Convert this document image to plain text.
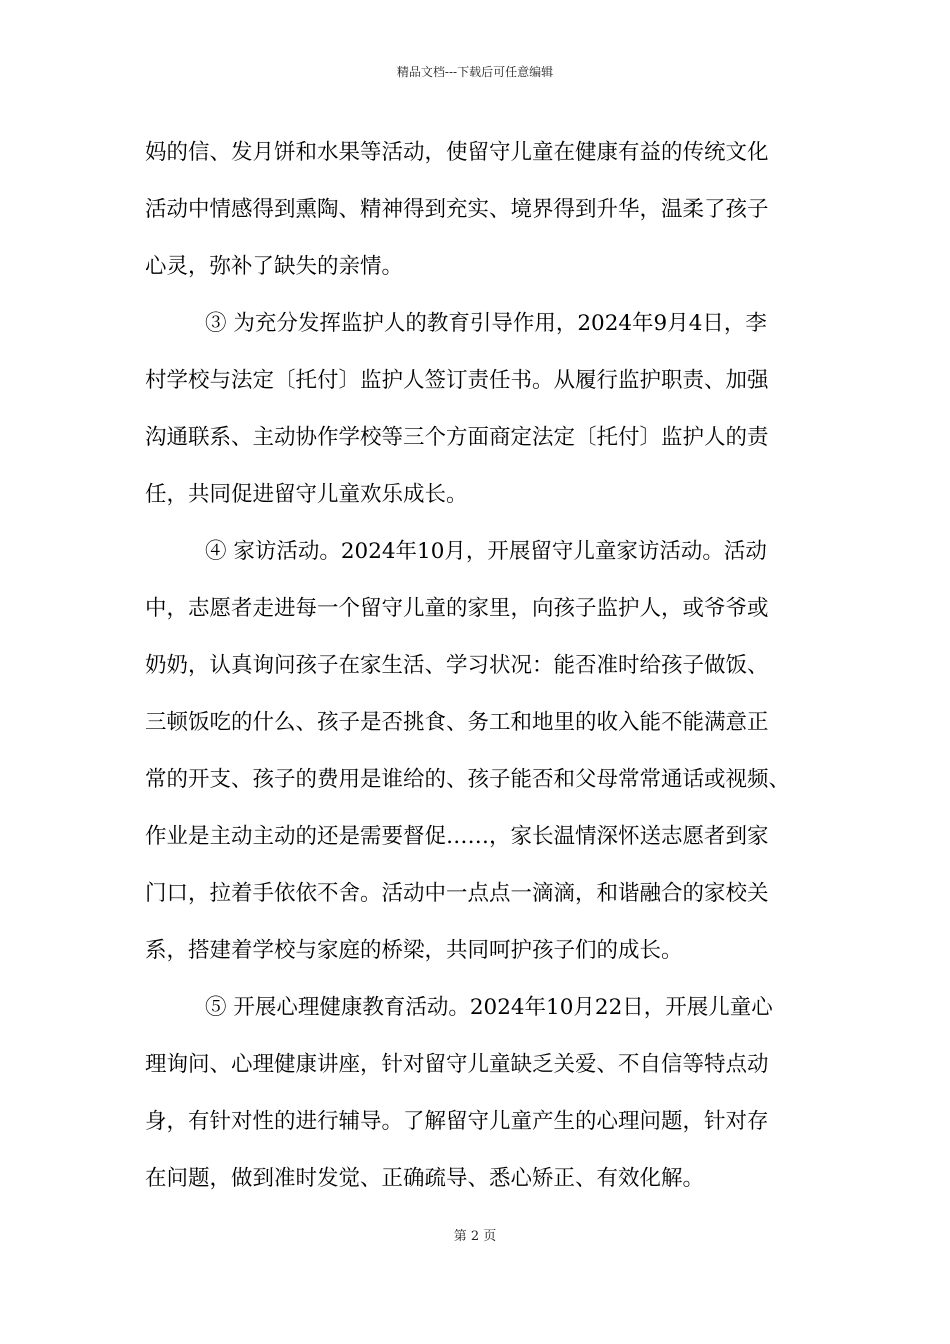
精品文档---下载后可任意编辑
妈的信、发月饼和水果等活动，使留守儿童在健康有益的传统文化
活动中情感得到熏陶、精神得到充实、境界得到升华，温柔了孩子
心灵，弥补了缺失的亲情。
③ 为充分发挥监护人的教育引导作用，2024年9月4日，李
村学校与法定〔托付〕监护人签订责任书。从履行监护职责、加强
沟通联系、主动协作学校等三个方面商定法定〔托付〕监护人的责
任，共同促进留守儿童欢乐成长。
④ 家访活动。2024年10月，开展留守儿童家访活动。活动
中，志愿者走进每一个留守儿童的家里，向孩子监护人，或爷爷或
奶奶，认真询问孩子在家生活、学习状况：能否准时给孩子做饭、
三顿饭吃的什么、孩子是否挑食、务工和地里的收入能不能满意正
常的开支、孩子的费用是谁给的、孩子能否和父母常常通话或视频、
作业是主动主动的还是需要督促……，家长温情深怀送志愿者到家
门口，拉着手依依不舍。活动中一点点一滴滴，和谐融合的家校关
系，搭建着学校与家庭的桥梁，共同呵护孩子们的成长。
⑤ 开展心理健康教育活动。2024年10月22日，开展儿童心
理询问、心理健康讲座，针对留守儿童缺乏关爱、不自信等特点动
身，有针对性的进行辅导。了解留守儿童产生的心理问题，针对存
在问题，做到准时发觉、正确疏导、悉心矫正、有效化解。
第 2 页
